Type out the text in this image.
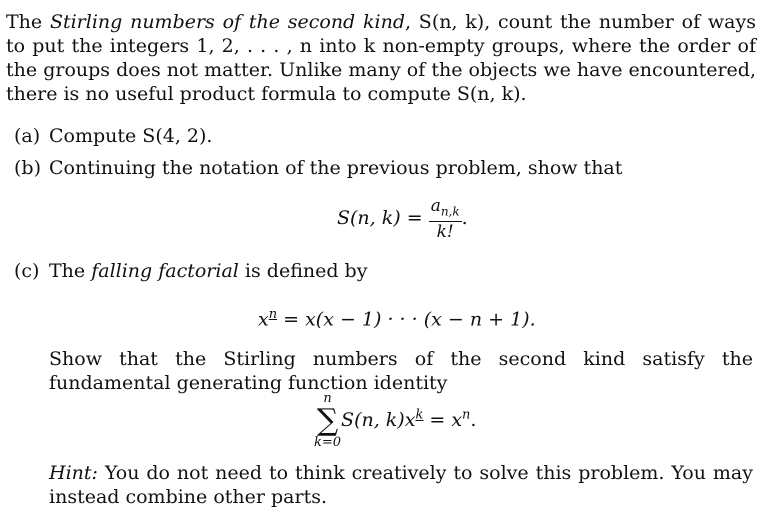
The Stirling numbers of the second kind, S(n, k), count the number of ways to put the integers 1, 2, . . . , n into k non-empty groups, where the order of the groups does not matter. Unlike many of the objects we have encountered, there is no useful product formula to compute S(n, k).
(a) Compute S(4, 2).
(b) Continuing the notation of the previous problem, show that
S(n, $k) = \frac{a_{n,k}}{k!}$ .
(c) The falling factorial is defined by
$x^n = x(x - 1)$ · · · (x − n + 1).
Show that the Stirling numbers of the second kind satisfy the fundamental generating function identity
n
∑
k=0S(n, $k)x^k = x^n$.
Hint: You do not need to think creatively to solve this problem. You may instead combine other parts.
